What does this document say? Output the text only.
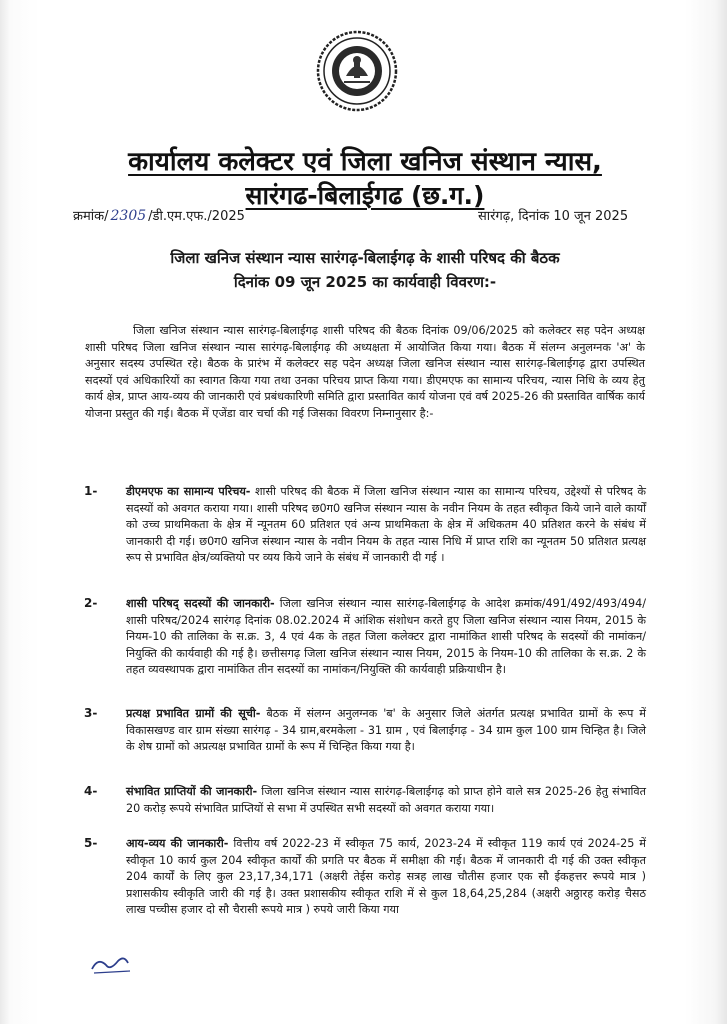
कार्यालय कलेक्टर एवं जिला खनिज संस्थान न्यास,
सारंगढ-बिलाईगढ (छ.ग.)
क्रमांक/ 2305 /डी.एम.एफ./2025	सारंगढ़, दिनांक 10 जून 2025
जिला खनिज संस्थान न्यास सारंगढ़-बिलाईगढ़ के शासी परिषद की बैठक
दिनांक 09 जून 2025 का कार्यवाही विवरण:-
जिला खनिज संस्थान न्यास सारंगढ़-बिलाईगढ़ शासी परिषद की बैठक दिनांक 09/06/2025 को कलेक्टर सह पदेन अध्यक्ष शासी परिषद जिला खनिज संस्थान न्यास सारंगढ़-बिलाईगढ़ की अध्यक्षता में आयोजित किया गया। बैठक में संलग्न अनुलग्नक 'अ' के अनुसार सदस्य उपस्थित रहे। बैठक के प्रारंभ में कलेक्टर सह पदेन अध्यक्ष जिला खनिज संस्थान न्यास सारंगढ़-बिलाईगढ़ द्वारा उपस्थित सदस्यों एवं अधिकारियों का स्वागत किया गया तथा उनका परिचय प्राप्त किया गया। डीएमएफ का सामान्य परिचय, न्यास निधि के व्यय हेतु कार्य क्षेत्र, प्राप्त आय-व्यय की जानकारी एवं प्रबंधकारिणी समिति द्वारा प्रस्तावित कार्य योजना एवं वर्ष 2025-26 की प्रस्तावित वार्षिक कार्य योजना प्रस्तुत की गई। बैठक में एजेंडा वार चर्चा की गई जिसका विवरण निम्नानुसार है:-
1-	डीएमएफ का सामान्य परिचय- शासी परिषद की बैठक में जिला खनिज संस्थान न्यास का सामान्य परिचय, उद्देश्यों से परिषद के सदस्यों को अवगत कराया गया। शासी परिषद छ0ग0 खनिज संस्थान न्यास के नवीन नियम के तहत स्वीकृत किये जाने वाले कार्यों को उच्च प्राथमिकता के क्षेत्र में न्यूनतम 60 प्रतिशत एवं अन्य प्राथमिकता के क्षेत्र में अधिकतम 40 प्रतिशत करने के संबंध में जानकारी दी गई। छ0ग0 खनिज संस्थान न्यास के नवीन नियम के तहत न्यास निधि में प्राप्त राशि का न्यूनतम 50 प्रतिशत प्रत्यक्ष रूप से प्रभावित क्षेत्र/व्यक्तियो पर व्यय किये जाने के संबंध में जानकारी दी गई ।
2-	शासी परिषद् सदस्यों की जानकारी- जिला खनिज संस्थान न्यास सारंगढ़-बिलाईगढ़ के आदेश क्रमांक/491/492/493/494/ शासी परिषद/2024 सारंगढ़ दिनांक 08.02.2024 में आंशिक संशोधन करते हुए जिला खनिज संस्थान न्यास नियम, 2015 के नियम-10 की तालिका के स.क्र. 3, 4 एवं 4क के तहत जिला कलेक्टर द्वारा नामांकित शासी परिषद के सदस्यों की नामांकन/नियुक्ति की कार्यवाही की गई है। छत्तीसगढ़ जिला खनिज संस्थान न्यास नियम, 2015 के नियम-10 की तालिका के स.क्र. 2 के तहत व्यवस्थापक द्वारा नामांकित तीन सदस्यों का नामांकन/नियुक्ति की कार्यवाही प्रक्रियाधीन है।
3-	प्रत्यक्ष प्रभावित ग्रामों की सूची- बैठक में संलग्न अनुलग्नक 'ब' के अनुसार जिले अंतर्गत प्रत्यक्ष प्रभावित ग्रामों के रूप में विकासखण्ड वार ग्राम संख्या सारंगढ़ - 34 ग्राम,बरमकेला - 31 ग्राम , एवं बिलाईगढ़ - 34 ग्राम कुल 100 ग्राम चिन्हित है। जिले के शेष ग्रामों को अप्रत्यक्ष प्रभावित ग्रामों के रूप में चिन्हित किया गया है।
4-	संभावित प्राप्तियों की जानकारी- जिला खनिज संस्थान न्यास सारंगढ़-बिलाईगढ़ को प्राप्त होने वाले सत्र 2025-26 हेतु संभावित 20 करोड़ रूपये संभावित प्राप्तियों से सभा में उपस्थित सभी सदस्यों को अवगत कराया गया।
5-	आय-व्यय की जानकारी- वित्तीय वर्ष 2022-23 में स्वीकृत 75 कार्य, 2023-24 में स्वीकृत 119 कार्य एवं 2024-25 में स्वीकृत 10 कार्य कुल 204 स्वीकृत कार्यों की प्रगति पर बैठक में समीक्षा की गई। बैठक में जानकारी दी गई की उक्त स्वीकृत 204 कार्यों के लिए कुल 23,17,34,171 (अक्षरी तेईस करोड़ सत्रह लाख चौतीस हजार एक सौ ईकहत्तर रूपये मात्र ) प्रशासकीय स्वीकृति जारी की गई है। उक्त प्रशासकीय स्वीकृत राशि में से कुल 18,64,25,284 (अक्षरी अठ्ठारह करोड़ चैसठ लाख पच्चीस हजार दो सौ चैरासी रूपये मात्र ) रुपये जारी किया गया
